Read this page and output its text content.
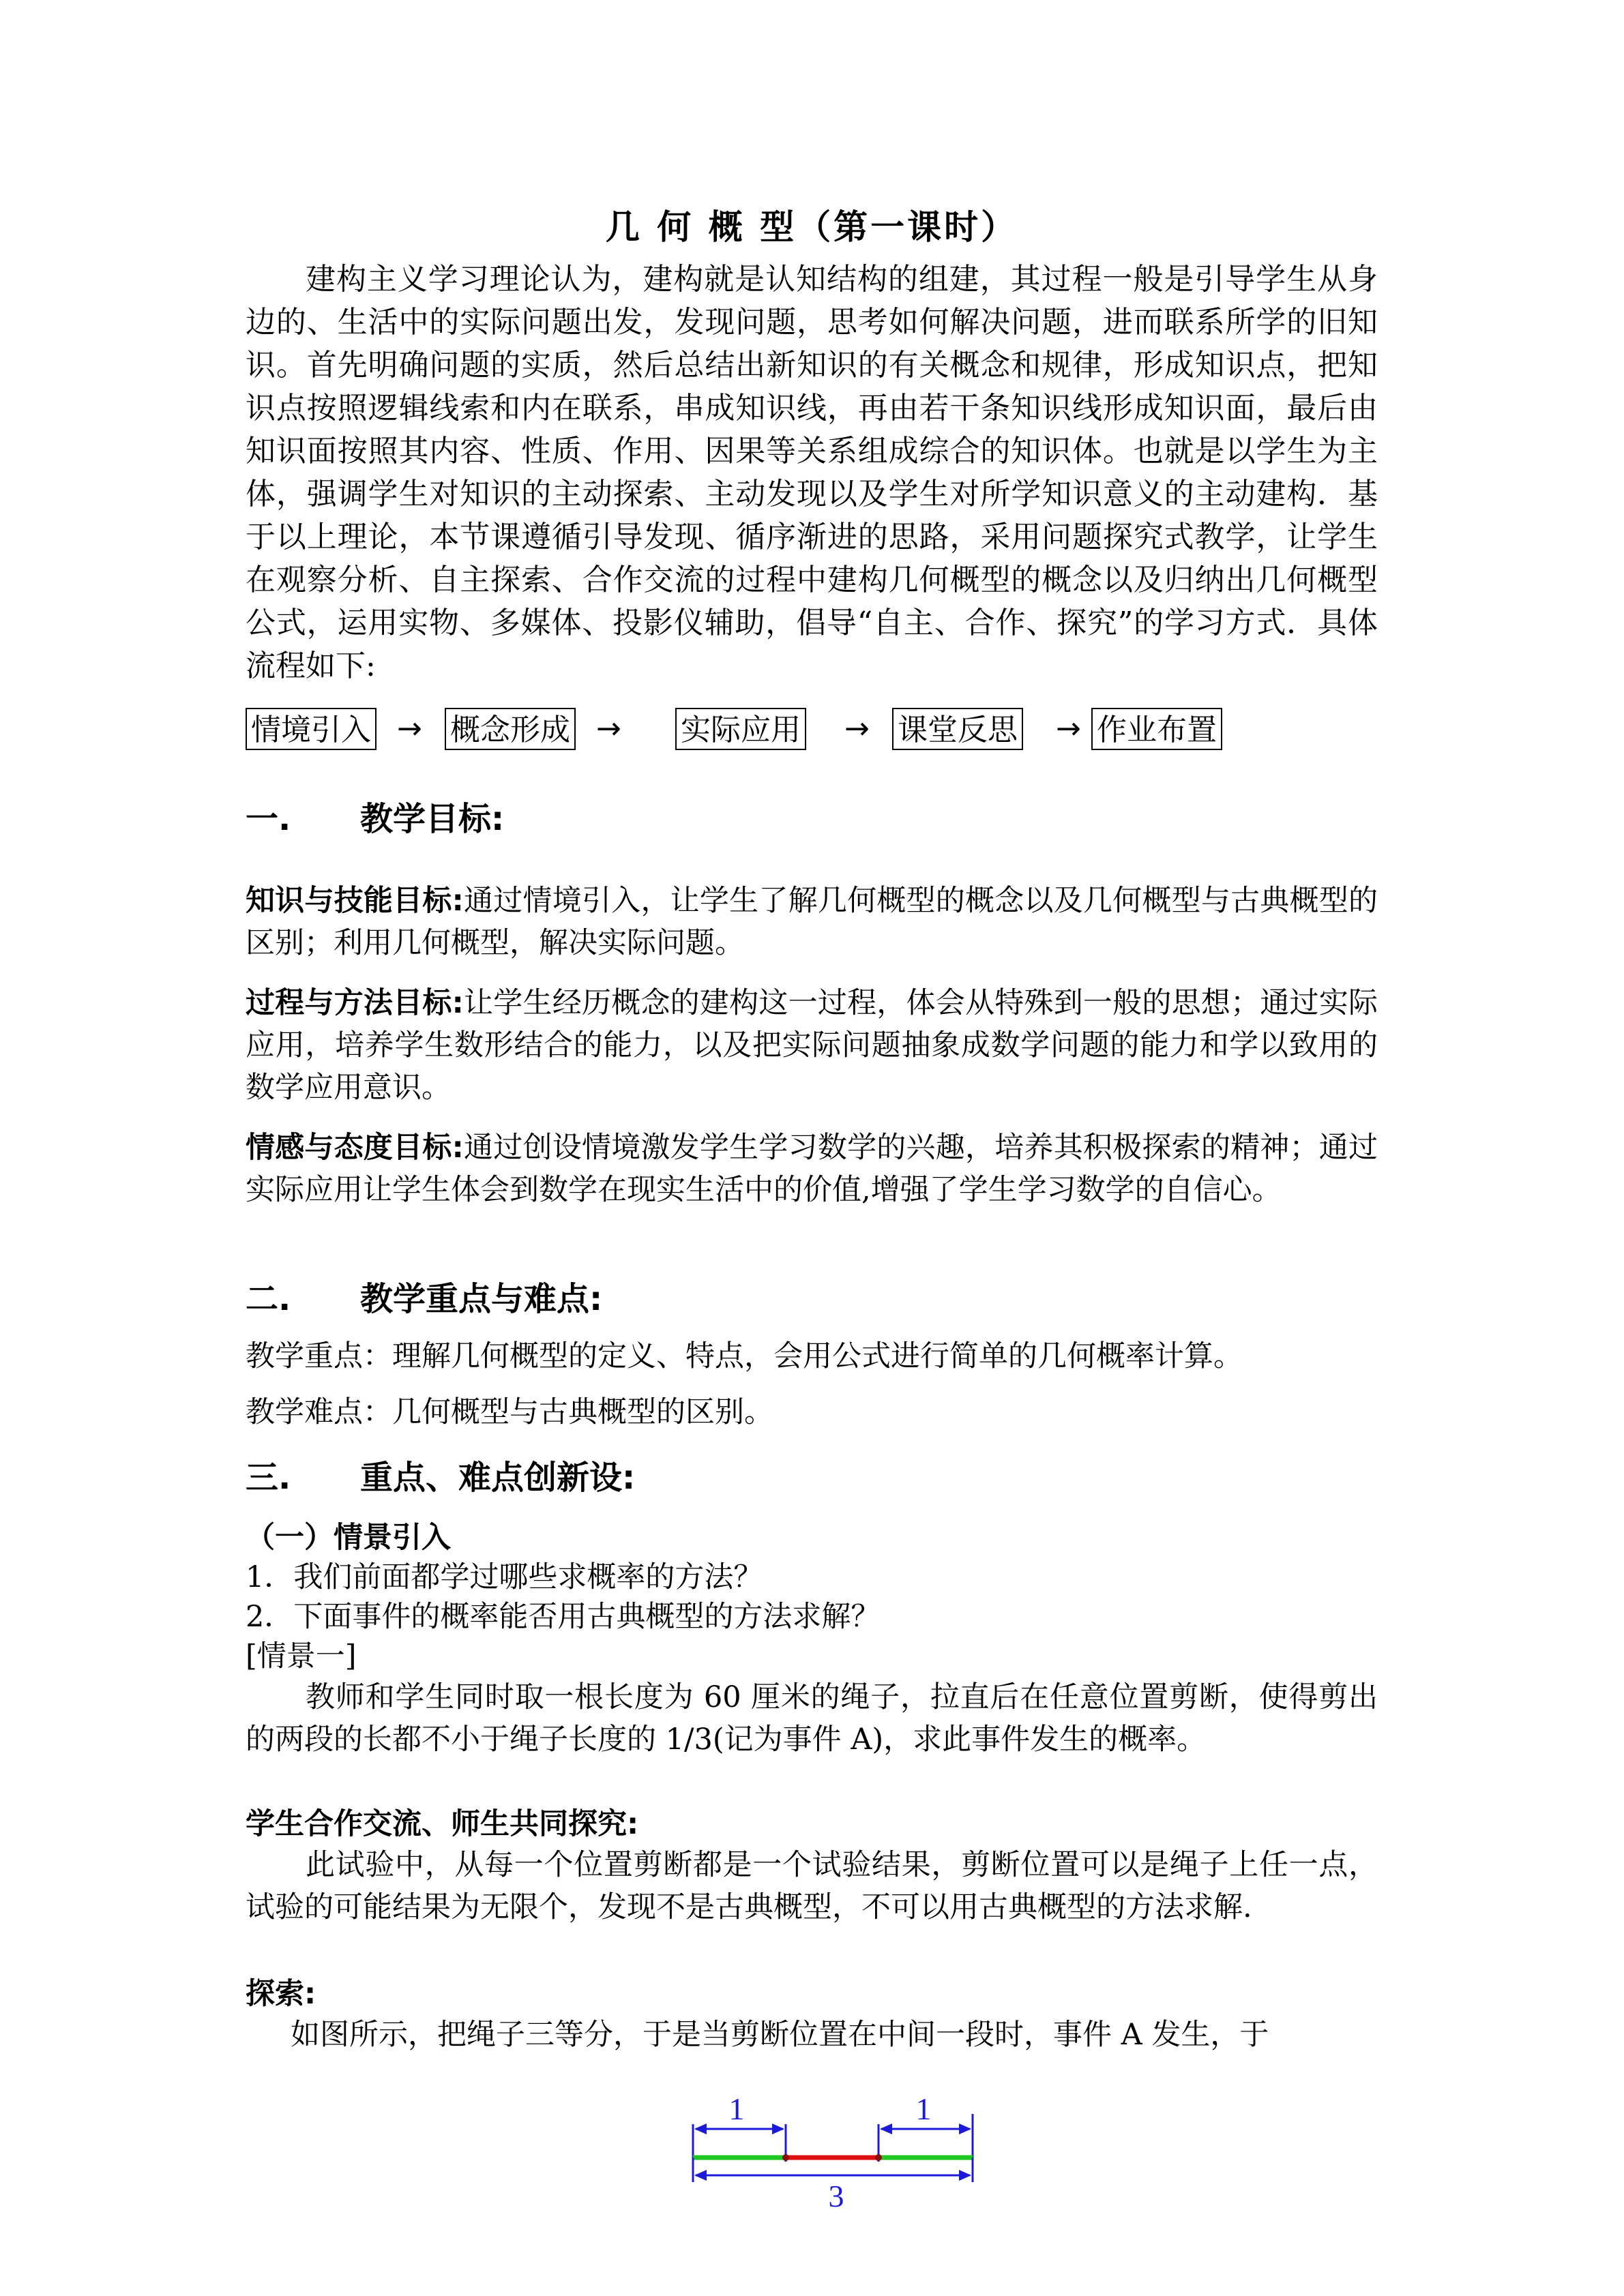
几 何 概 型（第一课时）
建构主义学习理论认为，建构就是认知结构的组建，其过程一般是引导学生从身边的、生活中的实际问题出发，发现问题，思考如何解决问题，进而联系所学的旧知识。首先明确问题的实质，然后总结出新知识的有关概念和规律，形成知识点，把知识点按照逻辑线索和内在联系，串成知识线，再由若干条知识线形成知识面，最后由知识面按照其内容、性质、作用、因果等关系组成综合的知识体。也就是以学生为主体，强调学生对知识的主动探索、主动发现以及学生对所学知识意义的主动建构．基于以上理论，本节课遵循引导发现、循序渐进的思路，采用问题探究式教学，让学生在观察分析、自主探索、合作交流的过程中建构几何概型的概念以及归纳出几何概型公式，运用实物、多媒体、投影仪辅助，倡导“自主、合作、探究”的学习方式．具体流程如下:
情境引入 → 概念形成 → 实际应用 → 课堂反思 → 作业布置
一. 教学目标:
知识与技能目标:通过情境引入，让学生了解几何概型的概念以及几何概型与古典概型的区别；利用几何概型，解决实际问题。
过程与方法目标:让学生经历概念的建构这一过程，体会从特殊到一般的思想；通过实际应用，培养学生数形结合的能力，以及把实际问题抽象成数学问题的能力和学以致用的数学应用意识。
情感与态度目标:通过创设情境激发学生学习数学的兴趣，培养其积极探索的精神；通过实际应用让学生体会到数学在现实生活中的价值,增强了学生学习数学的自信心。
二. 教学重点与难点:
教学重点：理解几何概型的定义、特点，会用公式进行简单的几何概率计算。
教学难点：几何概型与古典概型的区别。
三. 重点、难点创新设:
（一）情景引入
1．我们前面都学过哪些求概率的方法？
2．下面事件的概率能否用古典概型的方法求解？
[情景一]
教师和学生同时取一根长度为 60 厘米的绳子，拉直后在任意位置剪断，使得剪出的两段的长都不小于绳子长度的 1/3(记为事件 A)，求此事件发生的概率。
学生合作交流、师生共同探究:
此试验中，从每一个位置剪断都是一个试验结果，剪断位置可以是绳子上任一点，试验的可能结果为无限个，发现不是古典概型，不可以用古典概型的方法求解.
探索:
如图所示，把绳子三等分，于是当剪断位置在中间一段时，事件 A 发生，于
1	1
3
